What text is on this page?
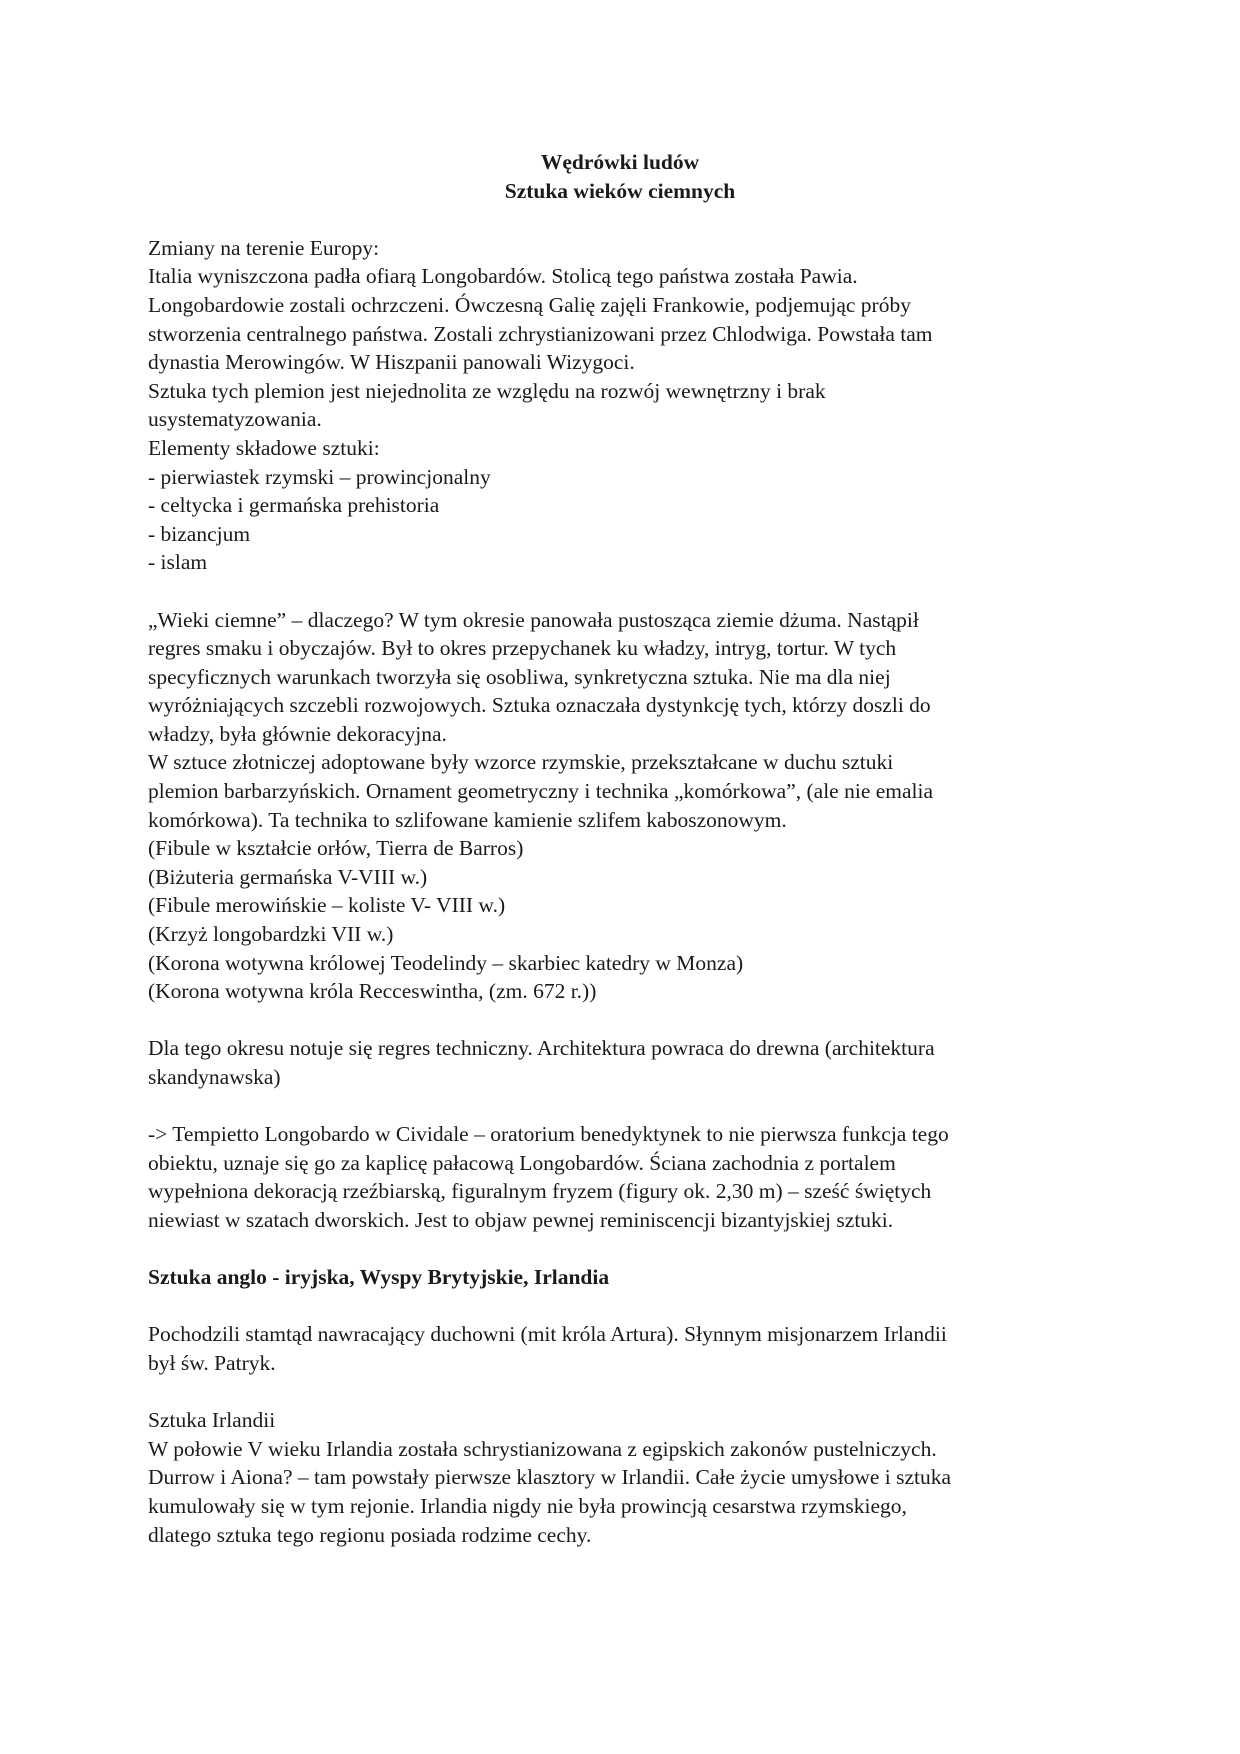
Wędrówki ludów

Sztuka wieków ciemnych

Zmiany na terenie Europy:

Italia wyniszczona padła ofiarą Longobardów. Stolicą tego państwa została Pawia.

Longobardowie zostali ochrzczeni. Ówczesną Galię zajęli Frankowie, podjemując próby

stworzenia centralnego państwa. Zostali zchrystianizowani przez Chlodwiga. Powstała tam

dynastia Merowingów. W Hiszpanii panowali Wizygoci.

Sztuka tych plemion jest niejednolita ze względu na rozwój wewnętrzny i brak

usystematyzowania.

Elementy składowe sztuki:

- pierwiastek rzymski – prowincjonalny

- celtycka i germańska prehistoria

- bizancjum

- islam

„Wieki ciemne” – dlaczego? W tym okresie panowała pustosząca ziemie dżuma. Nastąpił

regres smaku i obyczajów. Był to okres przepychanek ku władzy, intryg, tortur. W tych

specyficznych warunkach tworzyła się osobliwa, synkretyczna sztuka. Nie ma dla niej

wyróżniających szczebli rozwojowych. Sztuka oznaczała dystynkcję tych, którzy doszli do

władzy, była głównie dekoracyjna.

W sztuce złotniczej adoptowane były wzorce rzymskie, przekształcane w duchu sztuki

plemion barbarzyńskich. Ornament geometryczny i technika „komórkowa”, (ale nie emalia

komórkowa). Ta technika to szlifowane kamienie szlifem kaboszonowym.

(Fibule w kształcie orłów, Tierra de Barros)

(Biżuteria germańska V-VIII w.)

(Fibule merowińskie – koliste V- VIII w.)

(Krzyż longobardzki VII w.)

(Korona wotywna królowej Teodelindy – skarbiec katedry w Monza)

(Korona wotywna króla Recceswintha, (zm. 672 r.))

Dla tego okresu notuje się regres techniczny. Architektura powraca do drewna (architektura

skandynawska)

-> Tempietto Longobardo w Cividale – oratorium benedyktynek to nie pierwsza funkcja tego

obiektu, uznaje się go za kaplicę pałacową Longobardów. Ściana zachodnia z portalem

wypełniona dekoracją rzeźbiarską, figuralnym fryzem (figury ok. 2,30 m) – sześć świętych

niewiast w szatach dworskich. Jest to objaw pewnej reminiscencji bizantyjskiej sztuki.

Sztuka anglo - iryjska, Wyspy Brytyjskie, Irlandia

Pochodzili stamtąd nawracający duchowni (mit króla Artura). Słynnym misjonarzem Irlandii

był św. Patryk.

Sztuka Irlandii

W połowie V wieku Irlandia została schrystianizowana z egipskich zakonów pustelniczych.

Durrow i Aiona? – tam powstały pierwsze klasztory w Irlandii. Całe życie umysłowe i sztuka

kumulowały się w tym rejonie. Irlandia nigdy nie była prowincją cesarstwa rzymskiego,

dlatego sztuka tego regionu posiada rodzime cechy.
